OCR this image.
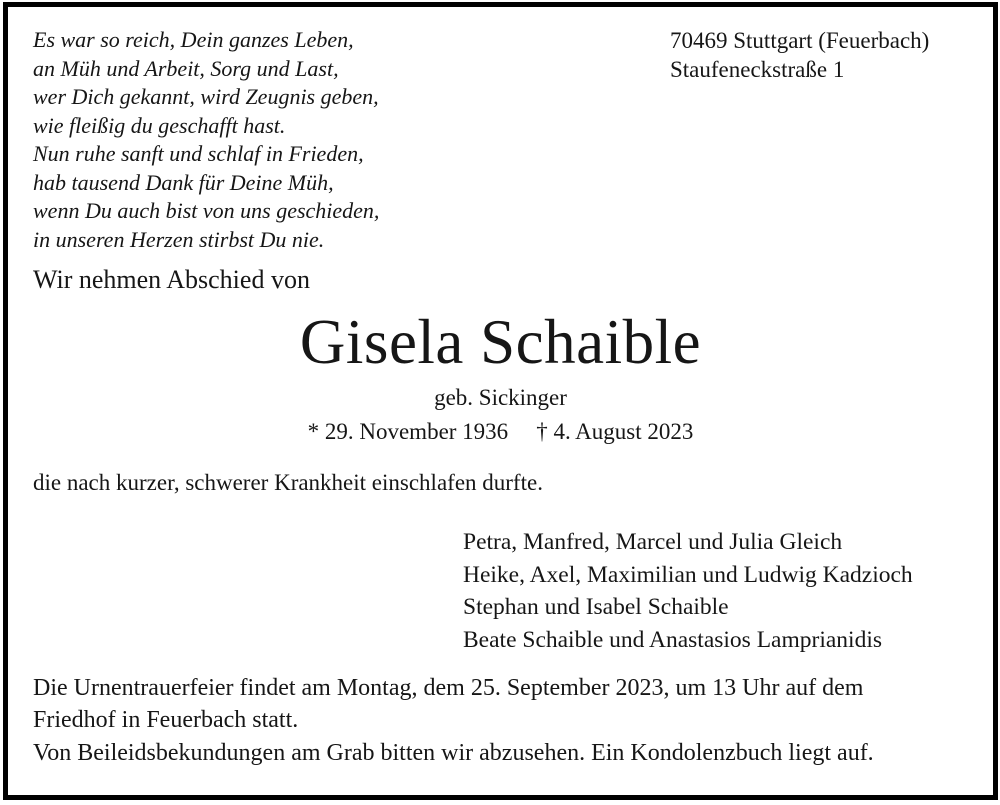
Es war so reich, Dein ganzes Leben,
an Müh und Arbeit, Sorg und Last,
wer Dich gekannt, wird Zeugnis geben,
wie fleißig du geschafft hast.
Nun ruhe sanft und schlaf in Frieden,
hab tausend Dank für Deine Müh,
wenn Du auch bist von uns geschieden,
in unseren Herzen stirbst Du nie.
70469 Stuttgart (Feuerbach)
Staufeneckstraße 1
Wir nehmen Abschied von
Gisela Schaible
geb. Sickinger
* 29. November 1936 † 4. August 2023
die nach kurzer, schwerer Krankheit einschlafen durfte.
Petra, Manfred, Marcel und Julia Gleich
Heike, Axel, Maximilian und Ludwig Kadzioch
Stephan und Isabel Schaible
Beate Schaible und Anastasios Lamprianidis
Die Urnentrauerfeier findet am Montag, dem 25. September 2023, um 13 Uhr auf dem
Friedhof in Feuerbach statt.
Von Beileidsbekundungen am Grab bitten wir abzusehen. Ein Kondolenzbuch liegt auf.
